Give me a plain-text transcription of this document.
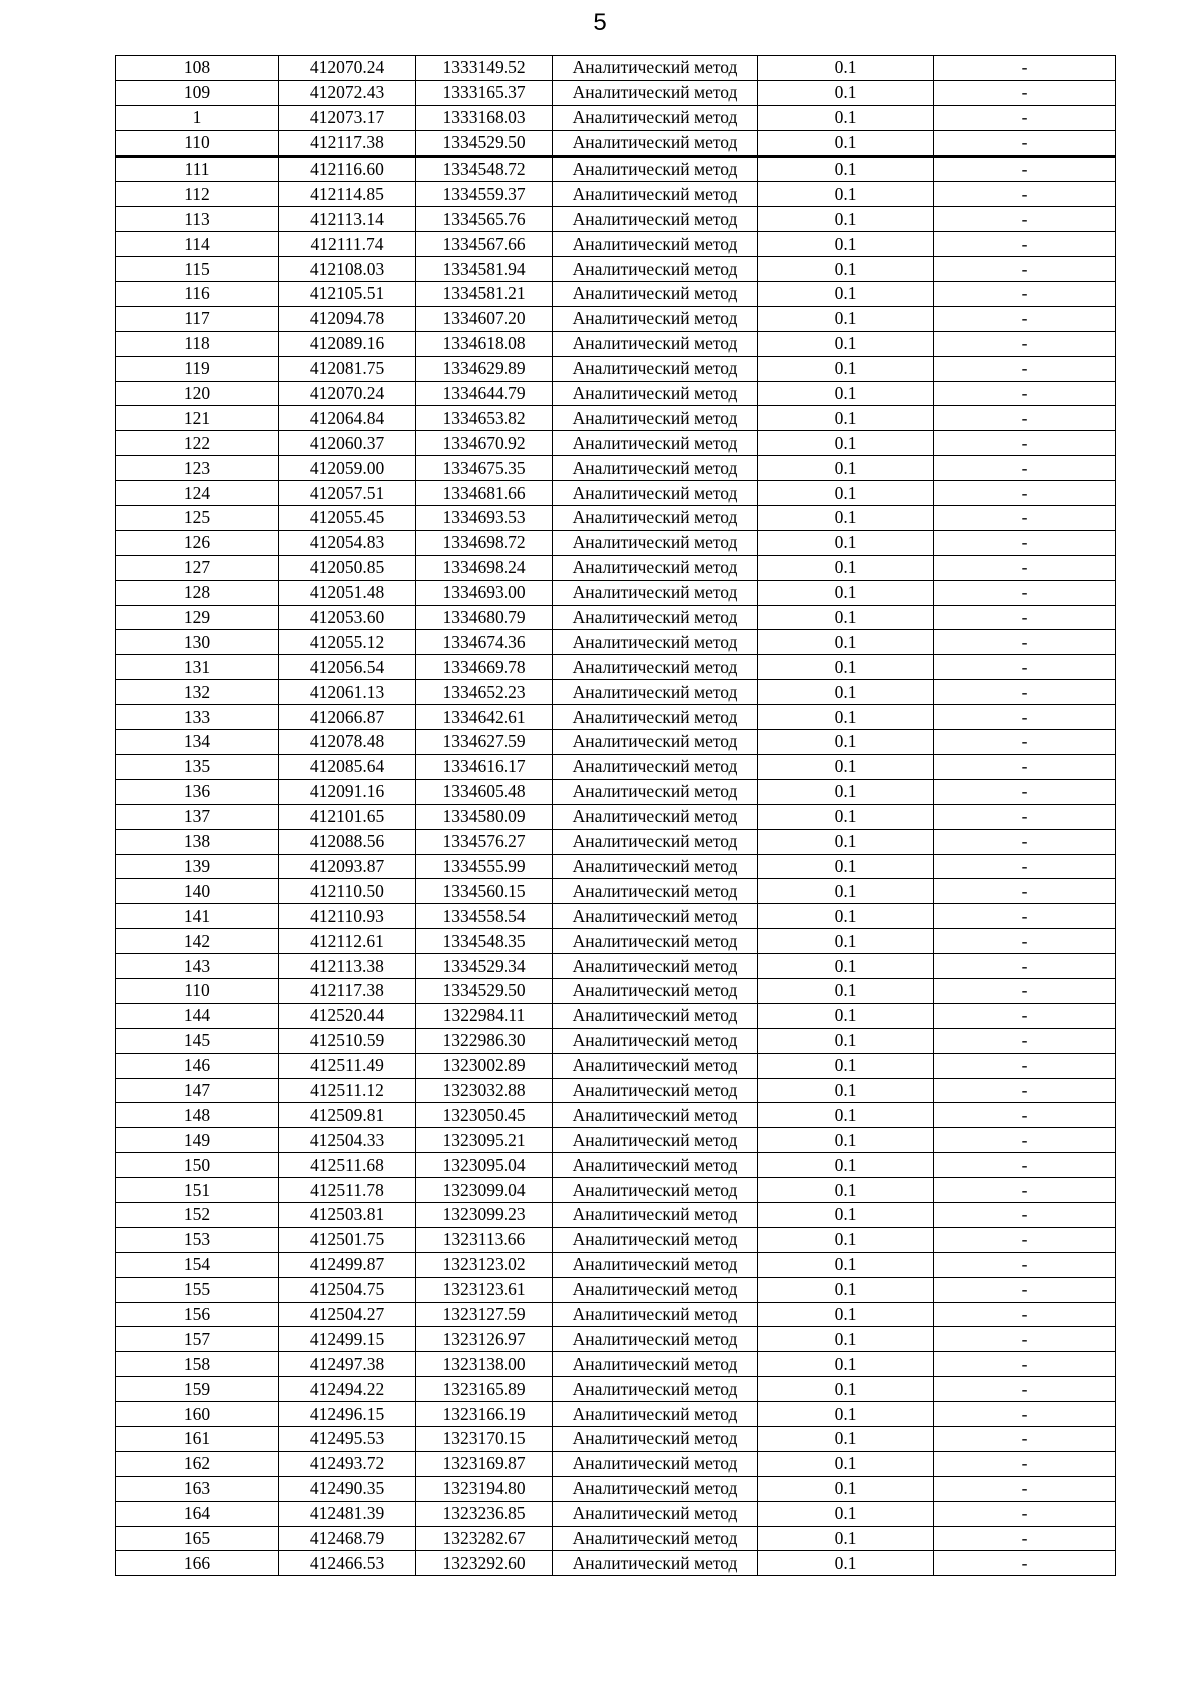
5
108	412070.24	1333149.52	Аналитический метод	0.1	-
109	412072.43	1333165.37	Аналитический метод	0.1	-
1	412073.17	1333168.03	Аналитический метод	0.1	-
110	412117.38	1334529.50	Аналитический метод	0.1	-
111	412116.60	1334548.72	Аналитический метод	0.1	-
112	412114.85	1334559.37	Аналитический метод	0.1	-
113	412113.14	1334565.76	Аналитический метод	0.1	-
114	412111.74	1334567.66	Аналитический метод	0.1	-
115	412108.03	1334581.94	Аналитический метод	0.1	-
116	412105.51	1334581.21	Аналитический метод	0.1	-
117	412094.78	1334607.20	Аналитический метод	0.1	-
118	412089.16	1334618.08	Аналитический метод	0.1	-
119	412081.75	1334629.89	Аналитический метод	0.1	-
120	412070.24	1334644.79	Аналитический метод	0.1	-
121	412064.84	1334653.82	Аналитический метод	0.1	-
122	412060.37	1334670.92	Аналитический метод	0.1	-
123	412059.00	1334675.35	Аналитический метод	0.1	-
124	412057.51	1334681.66	Аналитический метод	0.1	-
125	412055.45	1334693.53	Аналитический метод	0.1	-
126	412054.83	1334698.72	Аналитический метод	0.1	-
127	412050.85	1334698.24	Аналитический метод	0.1	-
128	412051.48	1334693.00	Аналитический метод	0.1	-
129	412053.60	1334680.79	Аналитический метод	0.1	-
130	412055.12	1334674.36	Аналитический метод	0.1	-
131	412056.54	1334669.78	Аналитический метод	0.1	-
132	412061.13	1334652.23	Аналитический метод	0.1	-
133	412066.87	1334642.61	Аналитический метод	0.1	-
134	412078.48	1334627.59	Аналитический метод	0.1	-
135	412085.64	1334616.17	Аналитический метод	0.1	-
136	412091.16	1334605.48	Аналитический метод	0.1	-
137	412101.65	1334580.09	Аналитический метод	0.1	-
138	412088.56	1334576.27	Аналитический метод	0.1	-
139	412093.87	1334555.99	Аналитический метод	0.1	-
140	412110.50	1334560.15	Аналитический метод	0.1	-
141	412110.93	1334558.54	Аналитический метод	0.1	-
142	412112.61	1334548.35	Аналитический метод	0.1	-
143	412113.38	1334529.34	Аналитический метод	0.1	-
110	412117.38	1334529.50	Аналитический метод	0.1	-
144	412520.44	1322984.11	Аналитический метод	0.1	-
145	412510.59	1322986.30	Аналитический метод	0.1	-
146	412511.49	1323002.89	Аналитический метод	0.1	-
147	412511.12	1323032.88	Аналитический метод	0.1	-
148	412509.81	1323050.45	Аналитический метод	0.1	-
149	412504.33	1323095.21	Аналитический метод	0.1	-
150	412511.68	1323095.04	Аналитический метод	0.1	-
151	412511.78	1323099.04	Аналитический метод	0.1	-
152	412503.81	1323099.23	Аналитический метод	0.1	-
153	412501.75	1323113.66	Аналитический метод	0.1	-
154	412499.87	1323123.02	Аналитический метод	0.1	-
155	412504.75	1323123.61	Аналитический метод	0.1	-
156	412504.27	1323127.59	Аналитический метод	0.1	-
157	412499.15	1323126.97	Аналитический метод	0.1	-
158	412497.38	1323138.00	Аналитический метод	0.1	-
159	412494.22	1323165.89	Аналитический метод	0.1	-
160	412496.15	1323166.19	Аналитический метод	0.1	-
161	412495.53	1323170.15	Аналитический метод	0.1	-
162	412493.72	1323169.87	Аналитический метод	0.1	-
163	412490.35	1323194.80	Аналитический метод	0.1	-
164	412481.39	1323236.85	Аналитический метод	0.1	-
165	412468.79	1323282.67	Аналитический метод	0.1	-
166	412466.53	1323292.60	Аналитический метод	0.1	-
